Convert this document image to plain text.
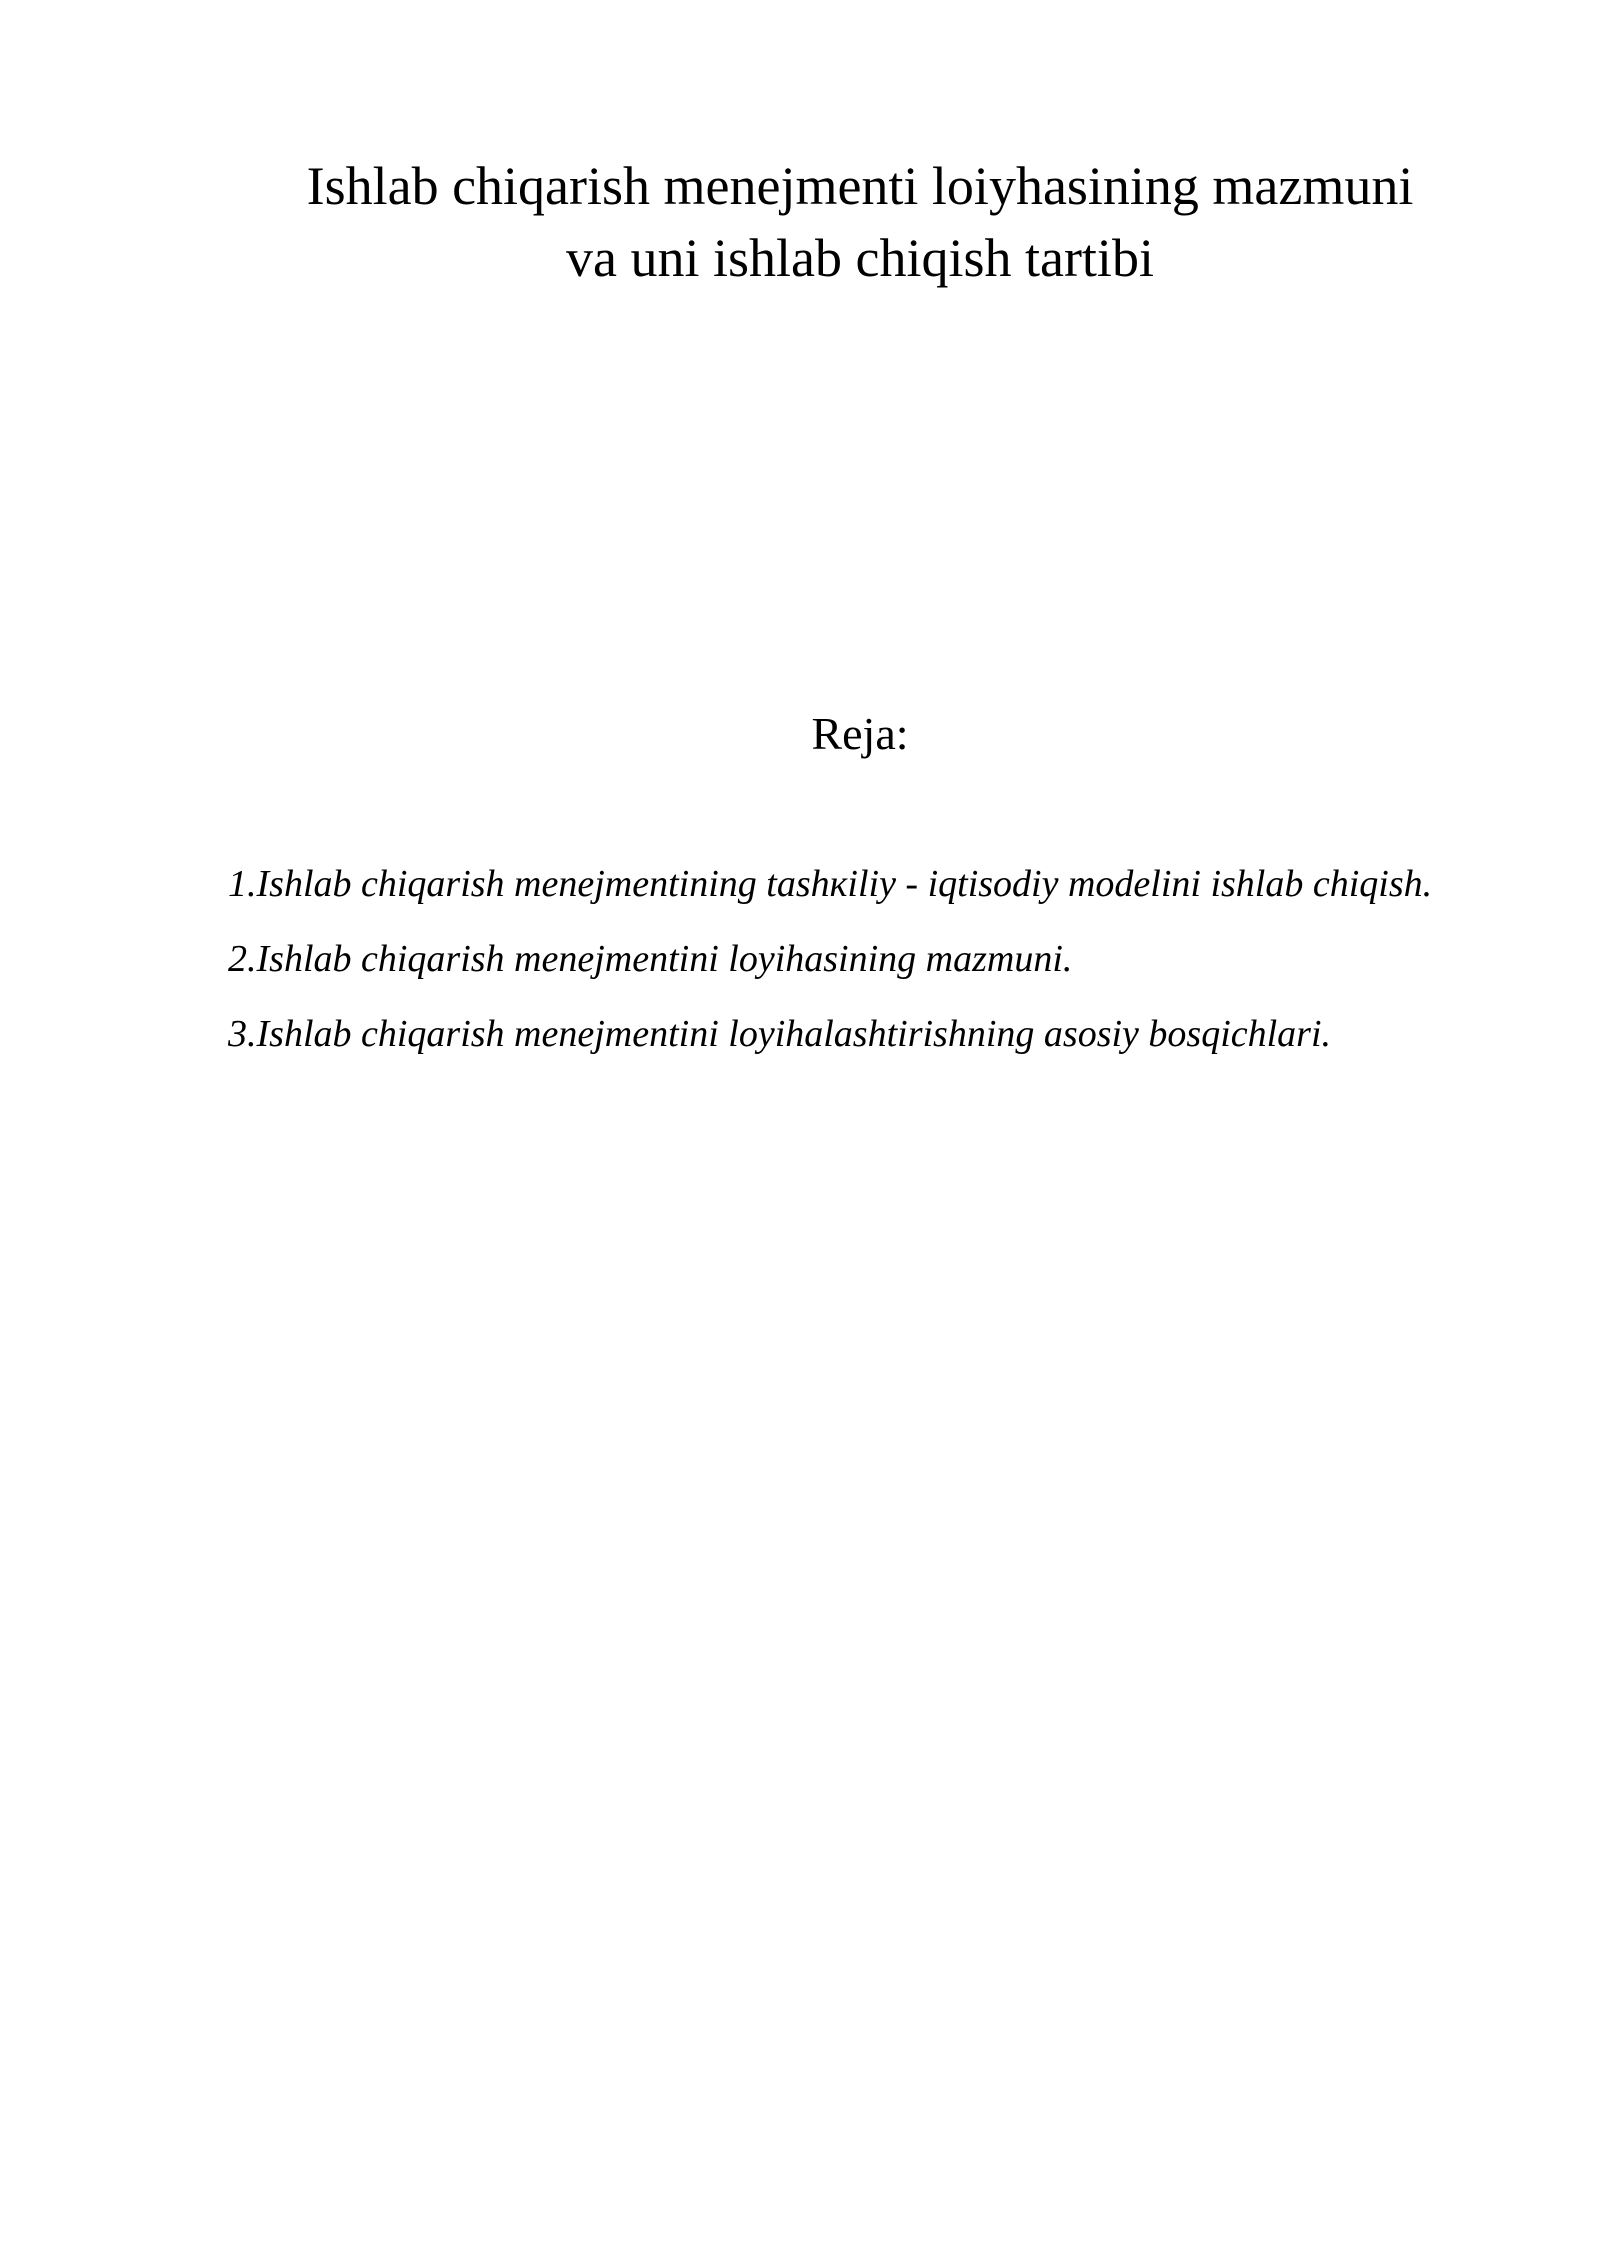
Ishlab chiqarish menejmenti loiyhasining mazmuni
va uni ishlab chiqish tartibi
Reja:
1.Ishlab chiqarish menejmentining tashкiliy - iqtisodiy modelini ishlab chiqish.
2.Ishlab chiqarish menejmentini loyihasining mazmuni.
3.Ishlab chiqarish menejmentini loyihalashtirishning asosiy bosqichlari.
